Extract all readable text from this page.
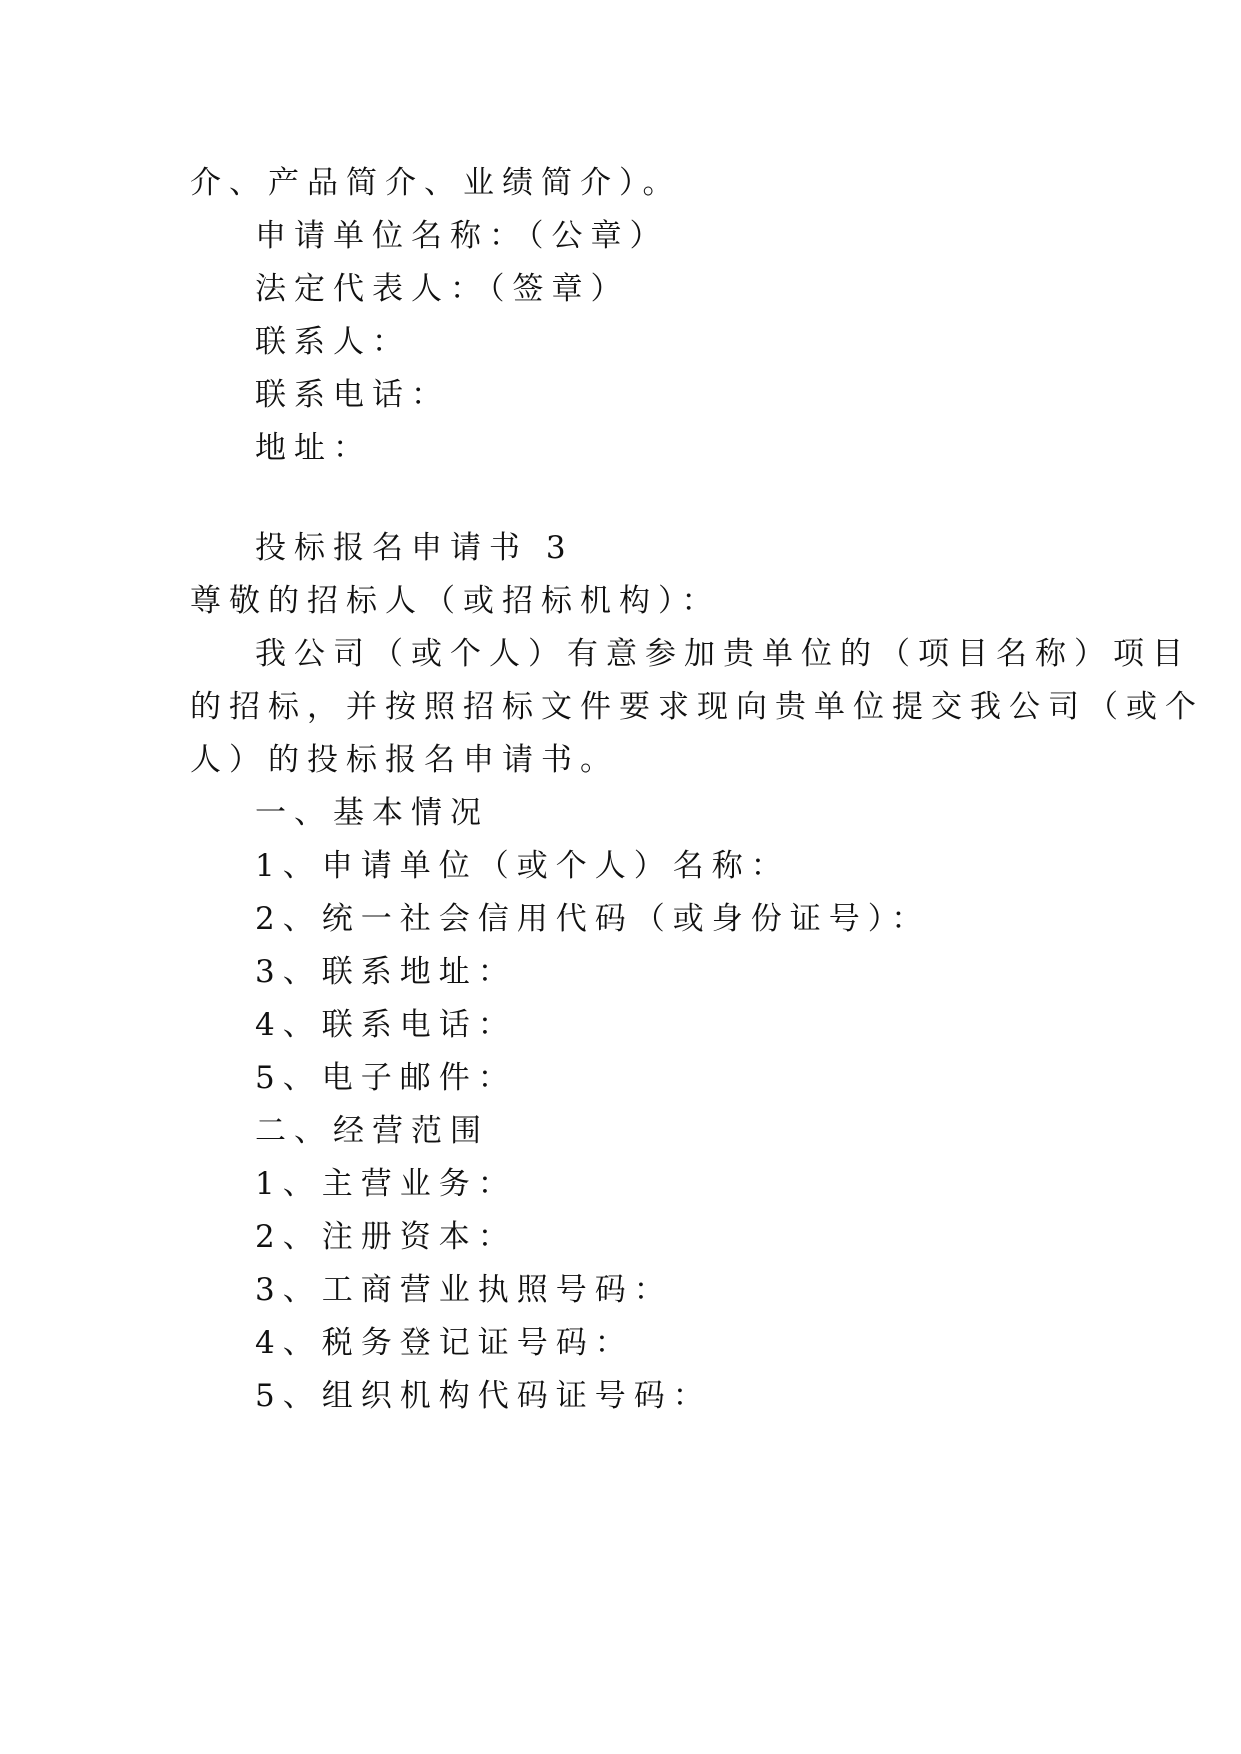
介、产品简介、业绩简介）。
申请单位名称：（公章）
法定代表人：（签章）
联系人：
联系电话：
地址：
投标报名申请书 3
尊敬的招标人（或招标机构）：
我公司（或个人）有意参加贵单位的（项目名称）项目
的招标，并按照招标文件要求现向贵单位提交我公司（或个
人）的投标报名申请书。
一、基本情况
1、申请单位（或个人）名称：
2、统一社会信用代码（或身份证号）：
3、联系地址：
4、联系电话：
5、电子邮件：
二、经营范围
1、主营业务：
2、注册资本：
3、工商营业执照号码：
4、税务登记证号码：
5、组织机构代码证号码：
